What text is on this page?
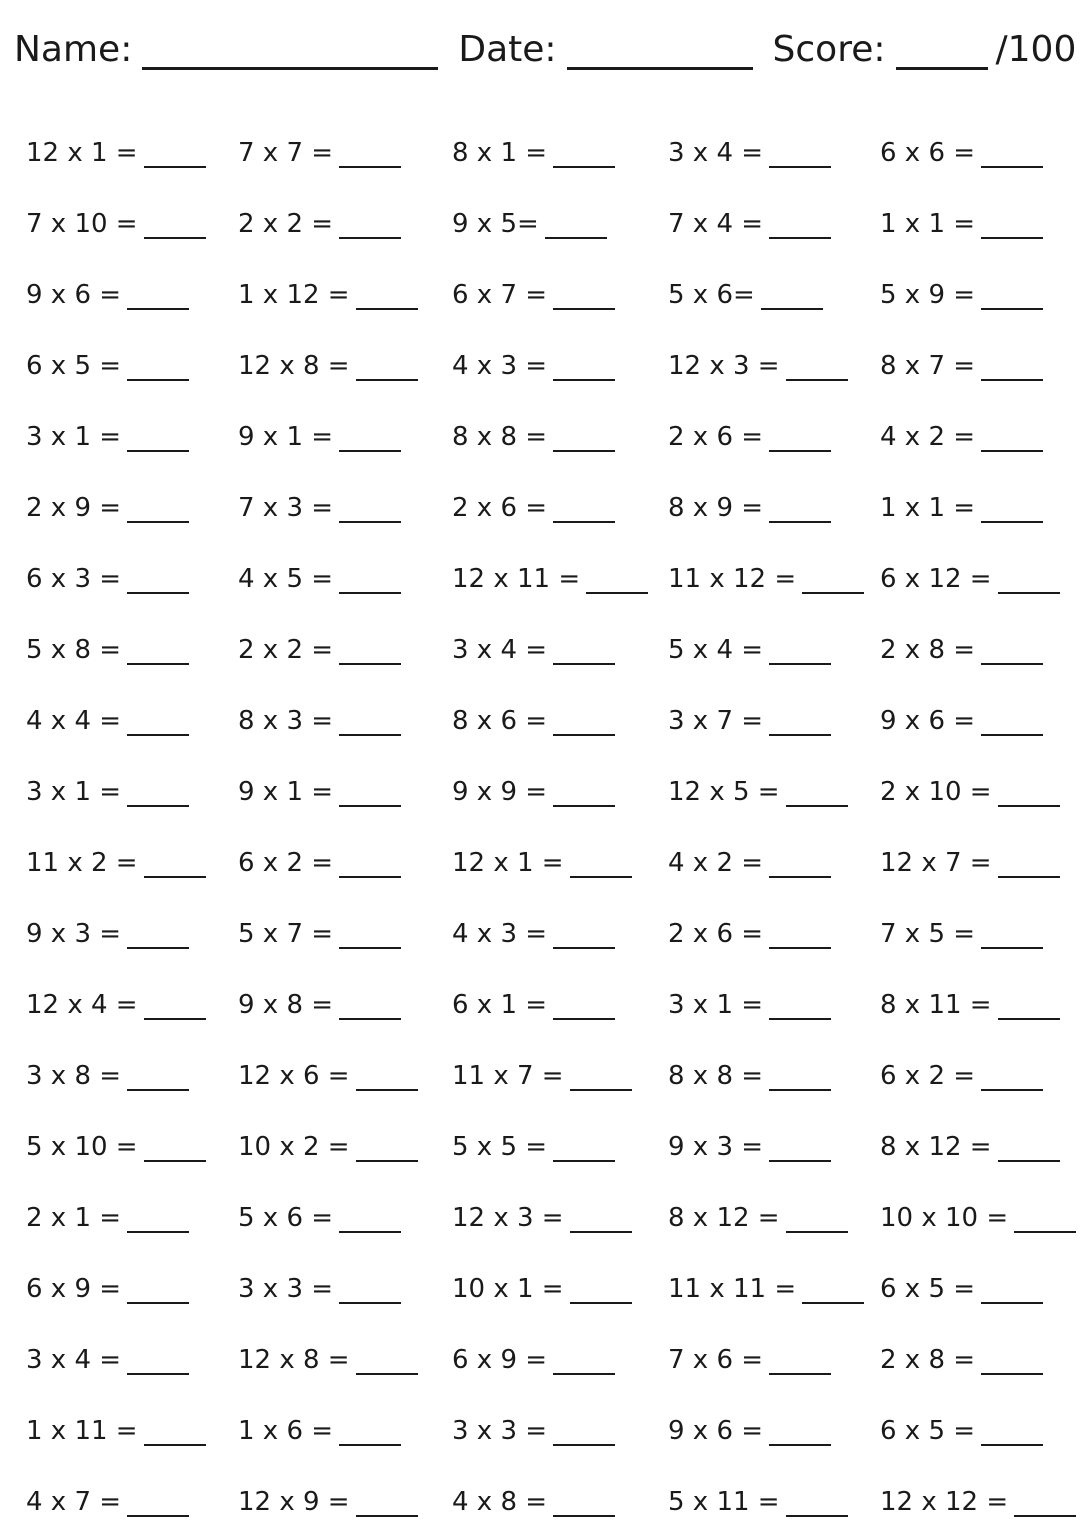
Name:	Date:	Score:	/100
12 x 1 =	7 x 7 =	8 x 1 =	3 x 4 =	6 x 6 =
7 x 10 =	2 x 2 =	9 x 5=	7 x 4 =	1 x 1 =
9 x 6 =	1 x 12 =	6 x 7 =	5 x 6=	5 x 9 =
6 x 5 =	12 x 8 =	4 x 3 =	12 x 3 =	8 x 7 =
3 x 1 =	9 x 1 =	8 x 8 =	2 x 6 =	4 x 2 =
2 x 9 =	7 x 3 =	2 x 6 =	8 x 9 =	1 x 1 =
6 x 3 =	4 x 5 =	12 x 11 =	11 x 12 =	6 x 12 =
5 x 8 =	2 x 2 =	3 x 4 =	5 x 4 =	2 x 8 =
4 x 4 =	8 x 3 =	8 x 6 =	3 x 7 =	9 x 6 =
3 x 1 =	9 x 1 =	9 x 9 =	12 x 5 =	2 x 10 =
11 x 2 =	6 x 2 =	12 x 1 =	4 x 2 =	12 x 7 =
9 x 3 =	5 x 7 =	4 x 3 =	2 x 6 =	7 x 5 =
12 x 4 =	9 x 8 =	6 x 1 =	3 x 1 =	8 x 11 =
3 x 8 =	12 x 6 =	11 x 7 =	8 x 8 =	6 x 2 =
5 x 10 =	10 x 2 =	5 x 5 =	9 x 3 =	8 x 12 =
2 x 1 =	5 x 6 =	12 x 3 =	8 x 12 =	10 x 10 =
6 x 9 =	3 x 3 =	10 x 1 =	11 x 11 =	6 x 5 =
3 x 4 =	12 x 8 =	6 x 9 =	7 x 6 =	2 x 8 =
1 x 11 =	1 x 6 =	3 x 3 =	9 x 6 =	6 x 5 =
4 x 7 =	12 x 9 =	4 x 8 =	5 x 11 =	12 x 12 =
